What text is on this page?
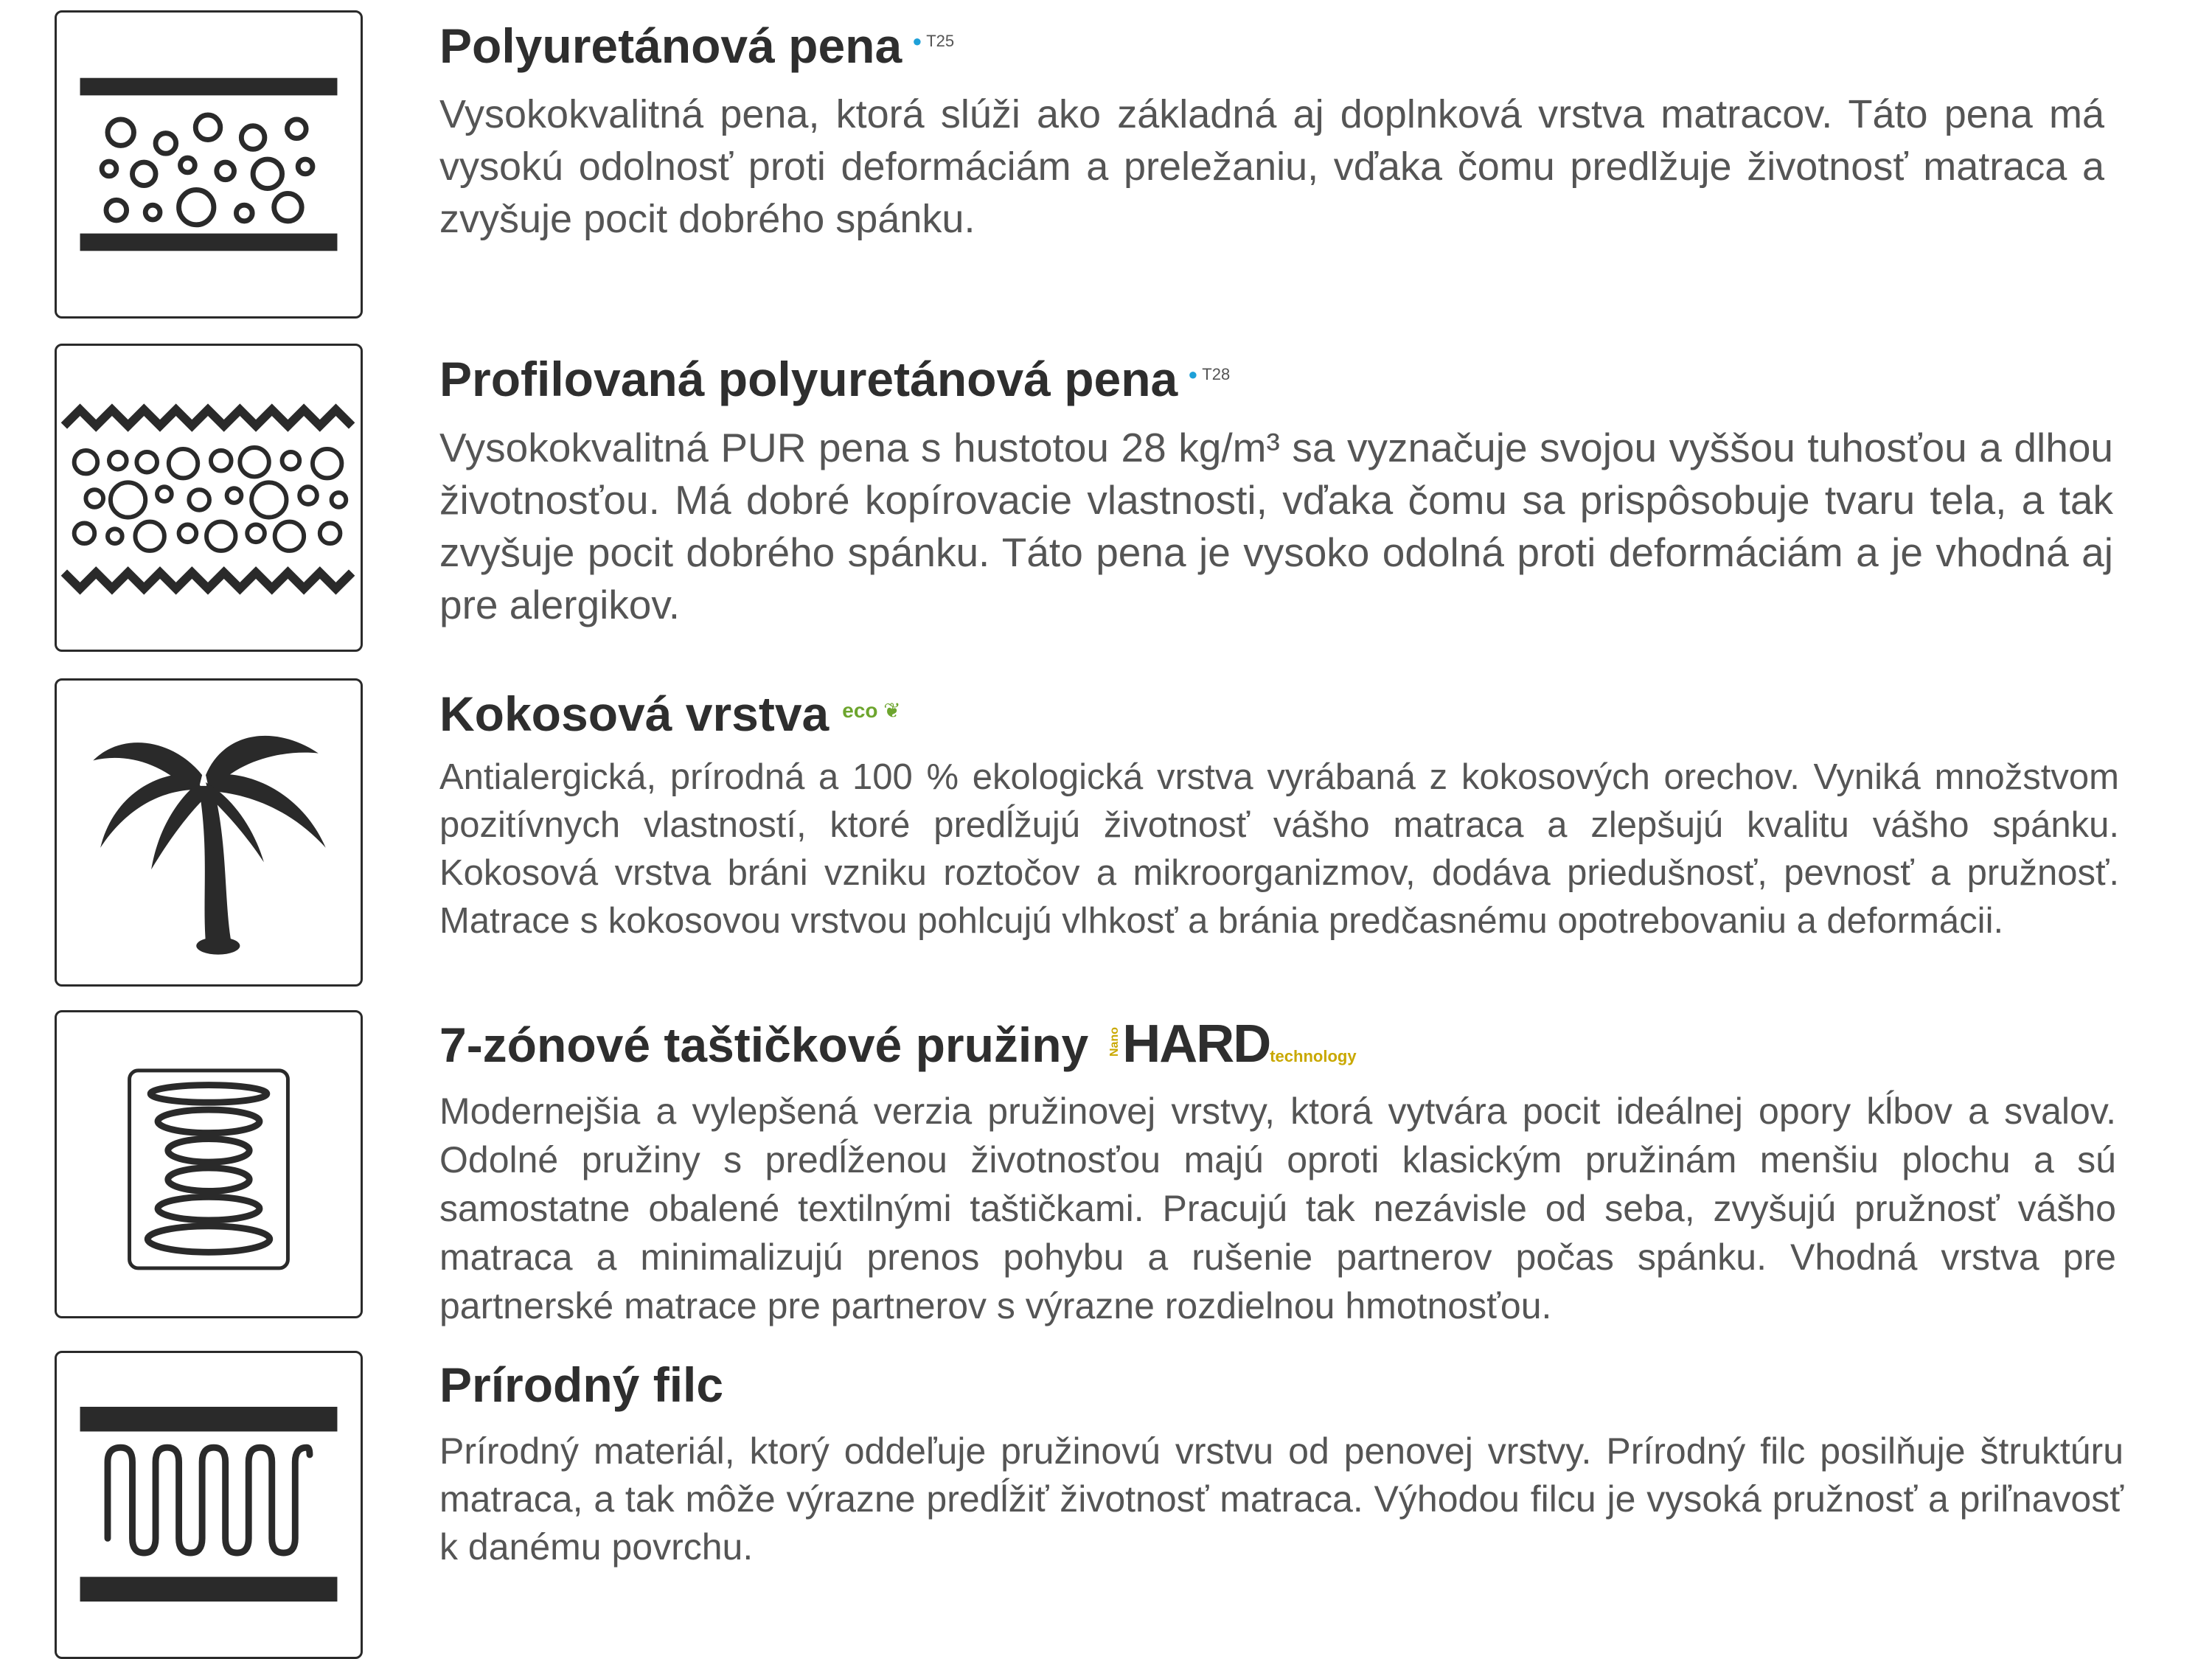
Polyuretánová pena $^{● T25}$
Vysokokvalitná pena, ktorá slúži ako základná aj doplnková vrstva matracov. Táto pena má vysokú odolnosť proti deformáciám a preležaniu, vďaka čomu predlžuje životnosť matraca a zvyšuje pocit dobrého spánku.
Profilovaná polyuretánová pena $^{● T28}$
Vysokokvalitná PUR pena s hustotou 28 kg/m³ sa vyznačuje svojou vyššou tuhosťou a dlhou životnosťou. Má dobré kopírovacie vlastnosti, vďaka čomu sa prispôsobuje tvaru tela, a tak zvyšuje pocit dobrého spánku. Táto pena je vysoko odolná proti deformáciám a je vhodná aj pre alergikov.
Kokosová vrstva $^{eco ❦}$
Antialergická, prírodná a 100 % ekologická vrstva vyrábaná z kokosových orechov. Vyniká množstvom pozitívnych vlastností, ktoré predĺžujú životnosť vášho matraca a zlepšujú kvalitu vášho spánku. Kokosová vrstva bráni vzniku roztočov a mikroorganizmov, dodáva priedušnosť, pevnosť a pružnosť. Matrace s kokosovou vrstvou pohlcujú vlhkosť a bránia predčasnému opotrebovaniu a deformácii.
7-zónové taštičkové pružiny NanoHARDtechnology
Modernejšia a vylepšená verzia pružinovej vrstvy, ktorá vytvára pocit ideálnej opory kĺbov a svalov. Odolné pružiny s predĺženou životnosťou majú oproti klasickým pružinám menšiu plochu a sú samostatne obalené textilnými taštičkami. Pracujú tak nezávisle od seba, zvyšujú pružnosť vášho matraca a minimalizujú prenos pohybu a rušenie partnerov počas spánku. Vhodná vrstva pre partnerské matrace pre partnerov s výrazne rozdielnou hmotnosťou.
Prírodný filc
Prírodný materiál, ktorý oddeľuje pružinovú vrstvu od penovej vrstvy. Prírodný filc posilňuje štruktúru matraca, a tak môže výrazne predĺžiť životnosť matraca. Výhodou filcu je vysoká pružnosť a priľnavosť k danému povrchu.
